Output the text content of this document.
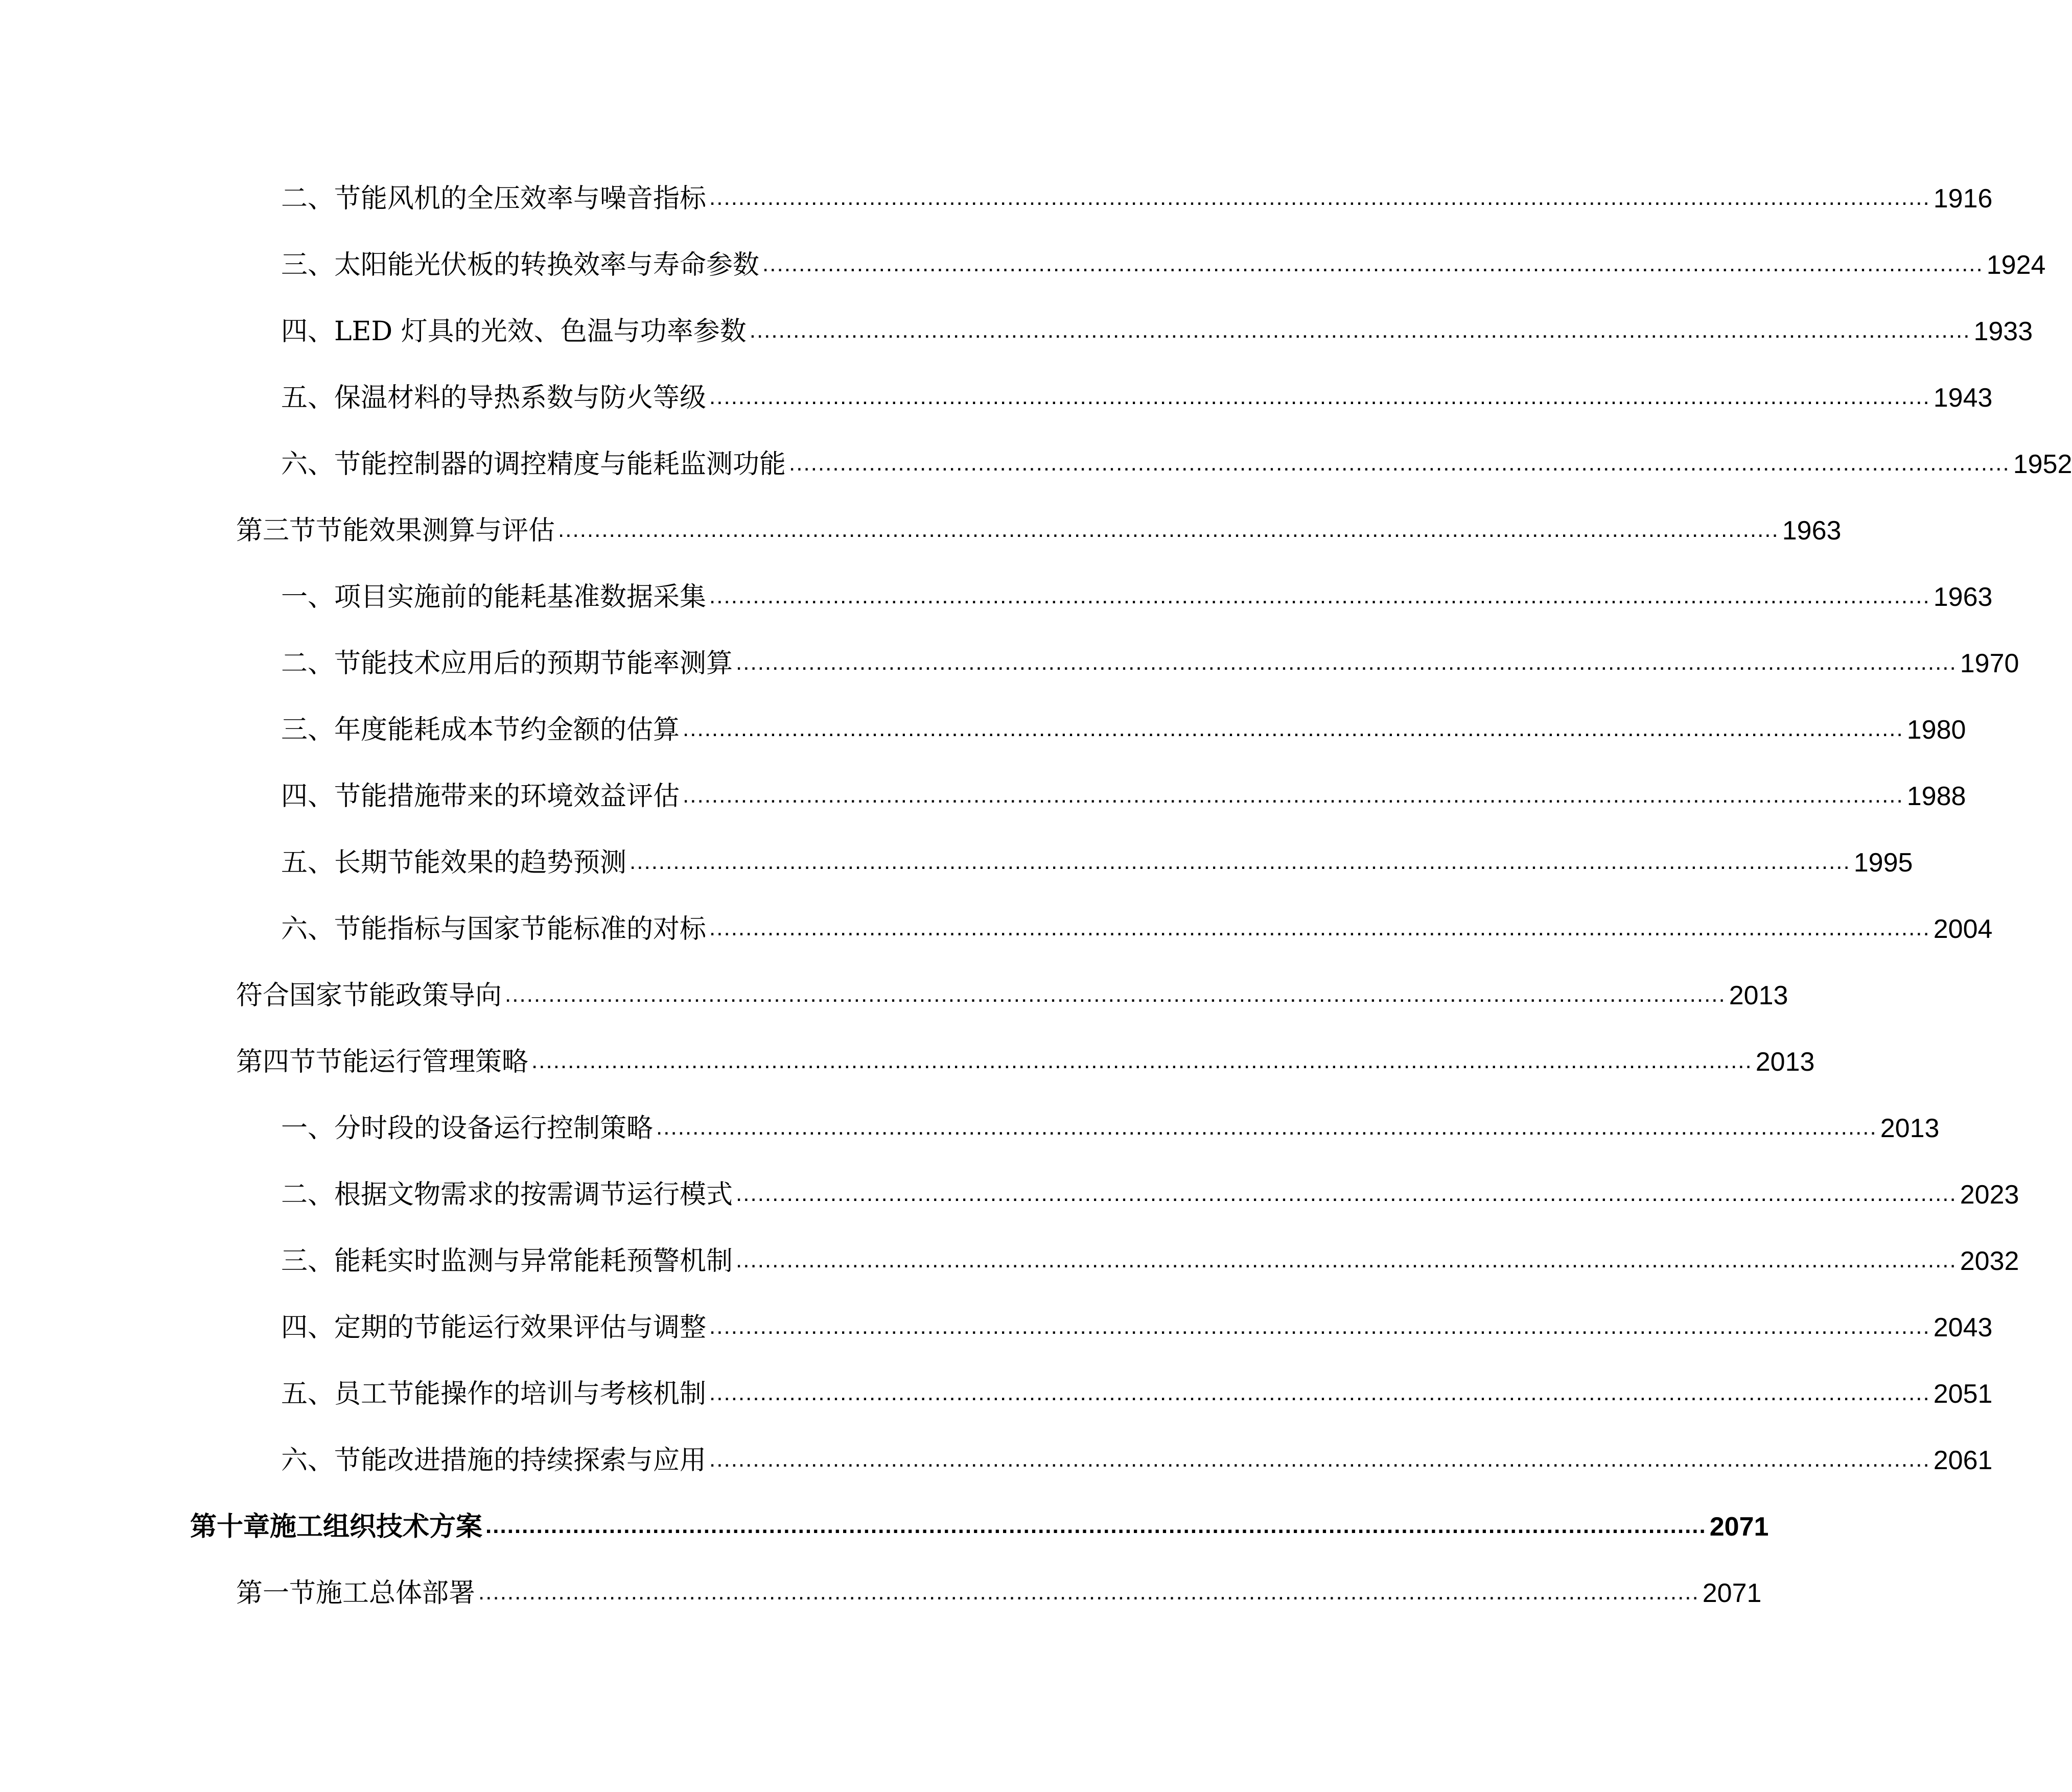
二、节能风机的全压效率与噪音指标 ........................................................................................................................................................................ 1916
三、太阳能光伏板的转换效率与寿命参数 ........................................................................................................................................................................ 1924
四、LED 灯具的光效、色温与功率参数 ........................................................................................................................................................................ 1933
五、保温材料的导热系数与防火等级 ........................................................................................................................................................................ 1943
六、节能控制器的调控精度与能耗监测功能 ........................................................................................................................................................................ 1952
第三节节能效果测算与评估 ........................................................................................................................................................................ 1963
一、项目实施前的能耗基准数据采集 ........................................................................................................................................................................ 1963
二、节能技术应用后的预期节能率测算 ........................................................................................................................................................................ 1970
三、年度能耗成本节约金额的估算 ........................................................................................................................................................................ 1980
四、节能措施带来的环境效益评估 ........................................................................................................................................................................ 1988
五、长期节能效果的趋势预测 ........................................................................................................................................................................ 1995
六、节能指标与国家节能标准的对标 ........................................................................................................................................................................ 2004
符合国家节能政策导向 ........................................................................................................................................................................ 2013
第四节节能运行管理策略 ........................................................................................................................................................................ 2013
一、分时段的设备运行控制策略 ........................................................................................................................................................................ 2013
二、根据文物需求的按需调节运行模式 ........................................................................................................................................................................ 2023
三、能耗实时监测与异常能耗预警机制 ........................................................................................................................................................................ 2032
四、定期的节能运行效果评估与调整 ........................................................................................................................................................................ 2043
五、员工节能操作的培训与考核机制 ........................................................................................................................................................................ 2051
六、节能改进措施的持续探索与应用 ........................................................................................................................................................................ 2061
第十章施工组织技术方案 ........................................................................................................................................................................ 2071
第一节施工总体部署 ........................................................................................................................................................................ 2071
